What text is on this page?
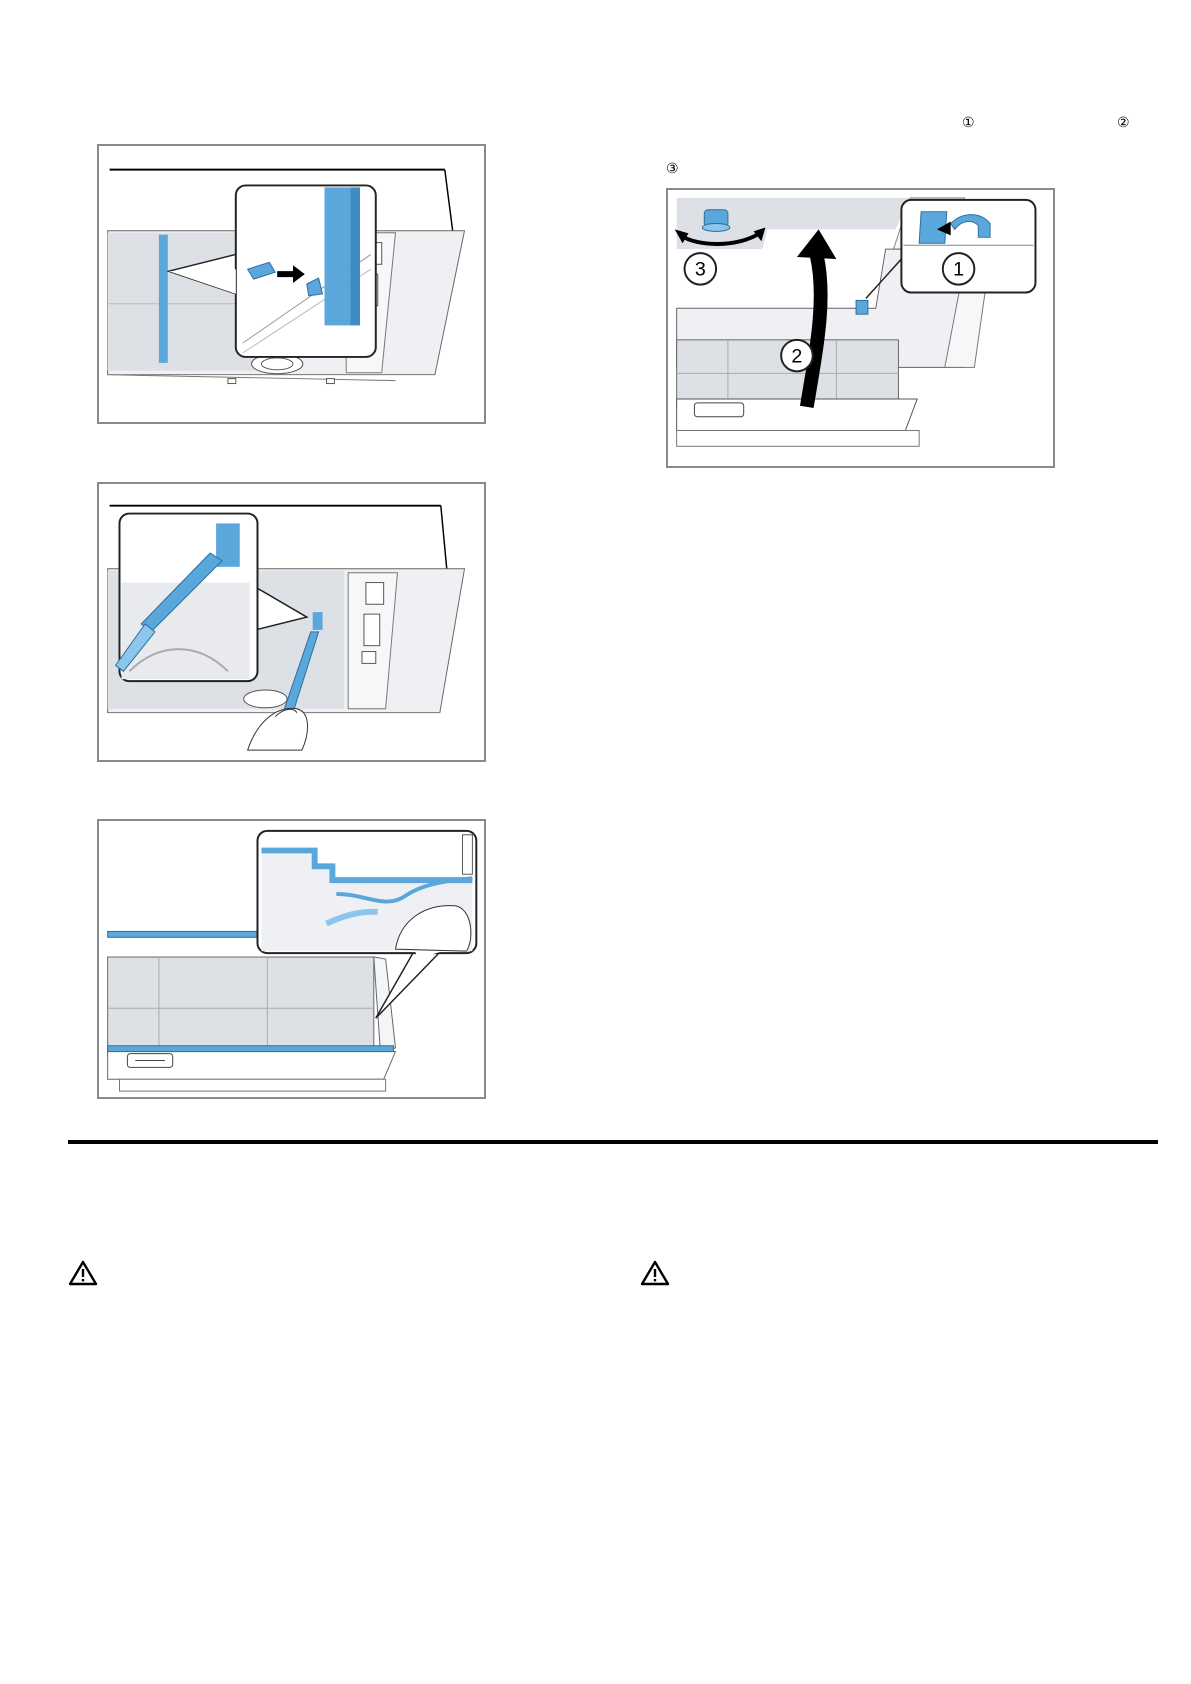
①	②
③
1
2
3
